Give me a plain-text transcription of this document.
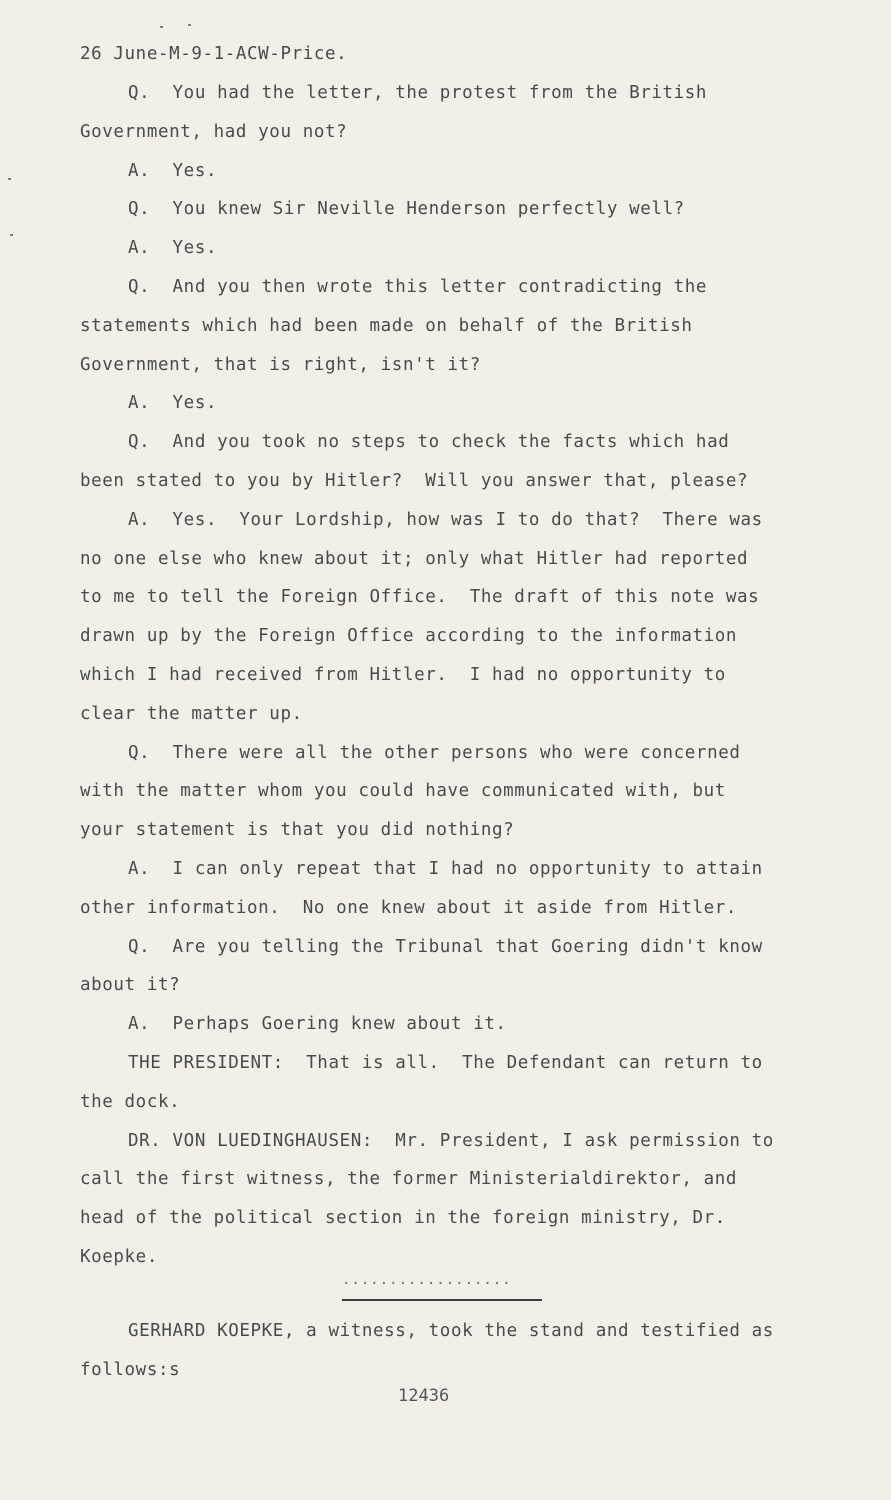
26 June-M-9-1-ACW-Price.
Q.  You had the letter, the protest from the British
Government, had you not?
A.  Yes.
Q.  You knew Sir Neville Henderson perfectly well?
A.  Yes.
Q.  And you then wrote this letter contradicting the
statements which had been made on behalf of the British
Government, that is right, isn't it?
A.  Yes.
Q.  And you took no steps to check the facts which had
been stated to you by Hitler?  Will you answer that, please?
A.  Yes.  Your Lordship, how was I to do that?  There was
no one else who knew about it; only what Hitler had reported
to me to tell the Foreign Office.  The draft of this note was
drawn up by the Foreign Office according to the information
which I had received from Hitler.  I had no opportunity to
clear the matter up.
Q.  There were all the other persons who were concerned
with the matter whom you could have communicated with, but
your statement is that you did nothing?
A.  I can only repeat that I had no opportunity to attain
other information.  No one knew about it aside from Hitler.
Q.  Are you telling the Tribunal that Goering didn't know
about it?
A.  Perhaps Goering knew about it.
THE PRESIDENT:  That is all.  The Defendant can return to
the dock.
DR. VON LUEDINGHAUSEN:  Mr. President, I ask permission to
call the first witness, the former Ministerialdirektor, and
head of the political section in the foreign ministry, Dr.
Koepke.
..................
GERHARD KOEPKE, a witness, took the stand and testified as
follows:s
12436
